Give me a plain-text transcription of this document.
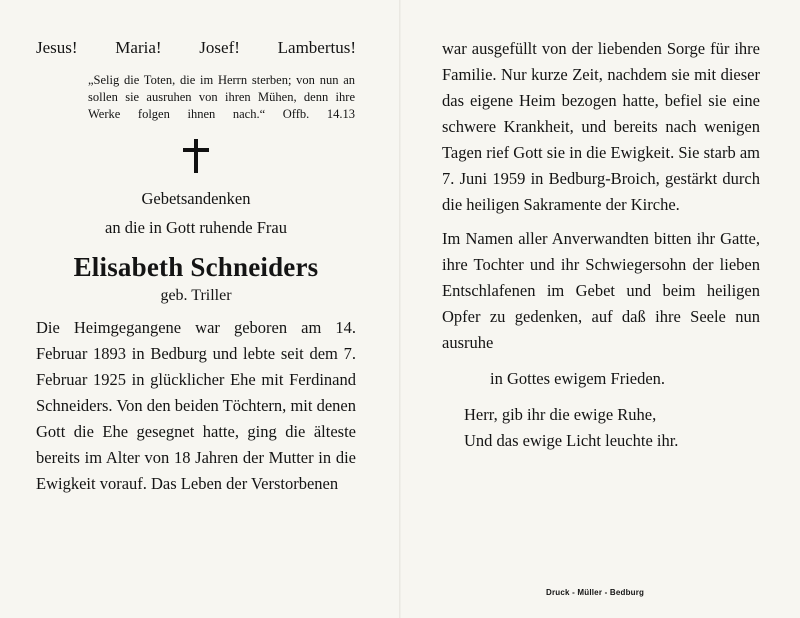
Jesus! Maria! Josef! Lambertus!
„Selig die Toten, die im Herrn sterben; von nun an sollen sie ausruhen von ihren Mühen, denn ihre Werke folgen ihnen nach.“ Offb. 14.13
Gebetsandenken
an die in Gott ruhende Frau
Elisabeth Schneiders
geb. Triller

Die Heimgegangene war geboren am 14. Februar 1893 in Bedburg und lebte seit dem 7. Februar 1925 in glücklicher Ehe mit Ferdinand Schneiders. Von den beiden Töchtern, mit denen Gott die Ehe gesegnet hatte, ging die älteste bereits im Alter von 18 Jahren der Mutter in die Ewigkeit vorauf. Das Leben der Verstorbenen

war ausgefüllt von der liebenden Sorge für ihre Familie. Nur kurze Zeit, nachdem sie mit dieser das eigene Heim bezogen hatte, befiel sie eine schwere Krankheit, und bereits nach wenigen Tagen rief Gott sie in die Ewigkeit. Sie starb am 7. Juni 1959 in Bedburg-Broich, gestärkt durch die heiligen Sakramente der Kirche.

Im Namen aller Anverwandten bitten ihr Gatte, ihre Tochter und ihr Schwiegersohn der lieben Entschlafenen im Gebet und beim heiligen Opfer zu gedenken, auf daß ihre Seele nun ausruhe

in Gottes ewigem Frieden.
Herr, gib ihr die ewige Ruhe,
Und das ewige Licht leuchte ihr.
Druck - Müller - Bedburg
